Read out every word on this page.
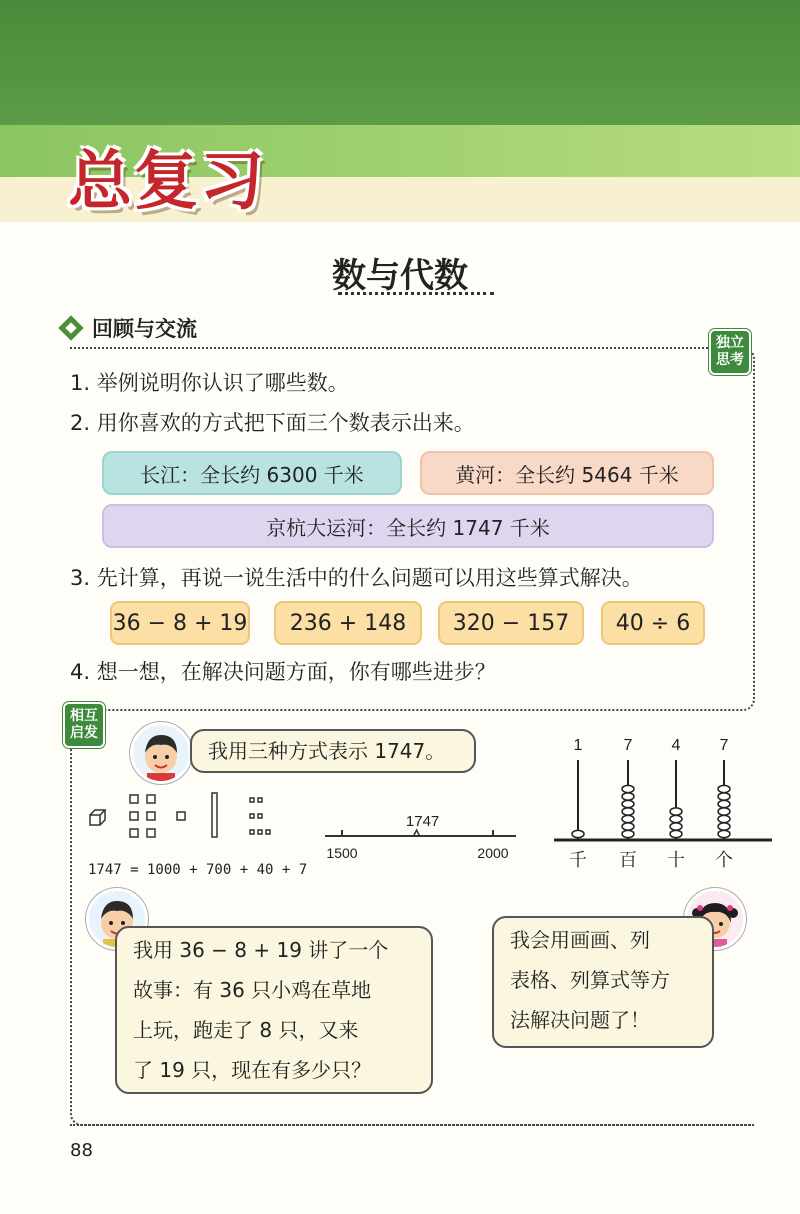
总复习
数与代数
回顾与交流
独立
思考
1. 举例说明你认识了哪些数。
2. 用你喜欢的方式把下面三个数表示出来。
长江：全长约 6300 千米	黄河：全长约 5464 千米
京杭大运河：全长约 1747 千米
3. 先计算，再说一说生活中的什么问题可以用这些算式解决。
36 − 8 + 19	236 + 148	320 − 157	40 ÷ 6
4. 想一想，在解决问题方面，你有哪些进步？
相互
启发
我用三种方式表示 1747。
1747 = 1000 + 700 + 40 + 7
1747
1500	2000
1
千
7
百
4
十
7
个
我用 36 − 8 + 19 讲了一个
故事：有 36 只小鸡在草地
上玩，跑走了 8 只，又来
了 19 只，现在有多少只？
我会用画画、列
表格、列算式等方
法解决问题了！
88
